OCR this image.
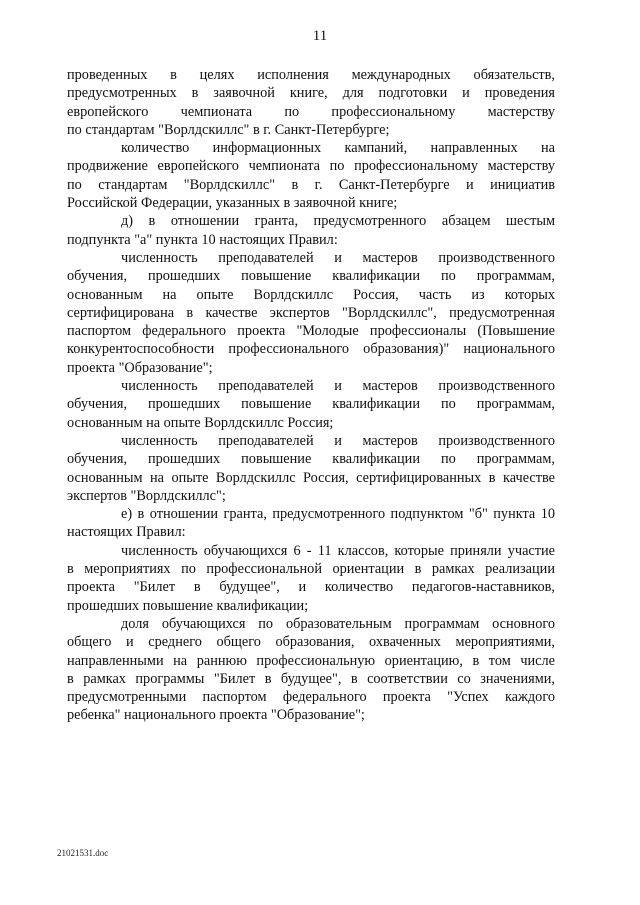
11
проведенных в целях исполнения международных обязательств,
предусмотренных в заявочной книге, для подготовки и проведения
европейского чемпионата по профессиональному мастерству
по стандартам "Ворлдскиллс" в г. Санкт-Петербурге;
количество информационных кампаний, направленных на
продвижение европейского чемпионата по профессиональному мастерству
по стандартам "Ворлдскиллс" в г. Санкт-Петербурге и инициатив
Российской Федерации, указанных в заявочной книге;
д) в отношении гранта, предусмотренного абзацем шестым
подпункта "а" пункта 10 настоящих Правил:
численность преподавателей и мастеров производственного
обучения, прошедших повышение квалификации по программам,
основанным на опыте Ворлдскиллс Россия, часть из которых
сертифицирована в качестве экспертов "Ворлдскиллс", предусмотренная
паспортом федерального проекта "Молодые профессионалы (Повышение
конкурентоспособности профессионального образования)" национального
проекта "Образование";
численность преподавателей и мастеров производственного
обучения, прошедших повышение квалификации по программам,
основанным на опыте Ворлдскиллс Россия;
численность преподавателей и мастеров производственного
обучения, прошедших повышение квалификации по программам,
основанным на опыте Ворлдскиллс Россия, сертифицированных в качестве
экспертов "Ворлдскиллс";
е) в отношении гранта, предусмотренного подпунктом "б" пункта 10
настоящих Правил:
численность обучающихся 6 - 11 классов, которые приняли участие
в мероприятиях по профессиональной ориентации в рамках реализации
проекта "Билет в будущее", и количество педагогов-наставников,
прошедших повышение квалификации;
доля обучающихся по образовательным программам основного
общего и среднего общего образования, охваченных мероприятиями,
направленными на раннюю профессиональную ориентацию, в том числе
в рамках программы "Билет в будущее", в соответствии со значениями,
предусмотренными паспортом федерального проекта "Успех каждого
ребенка" национального проекта "Образование";
21021531.doc
